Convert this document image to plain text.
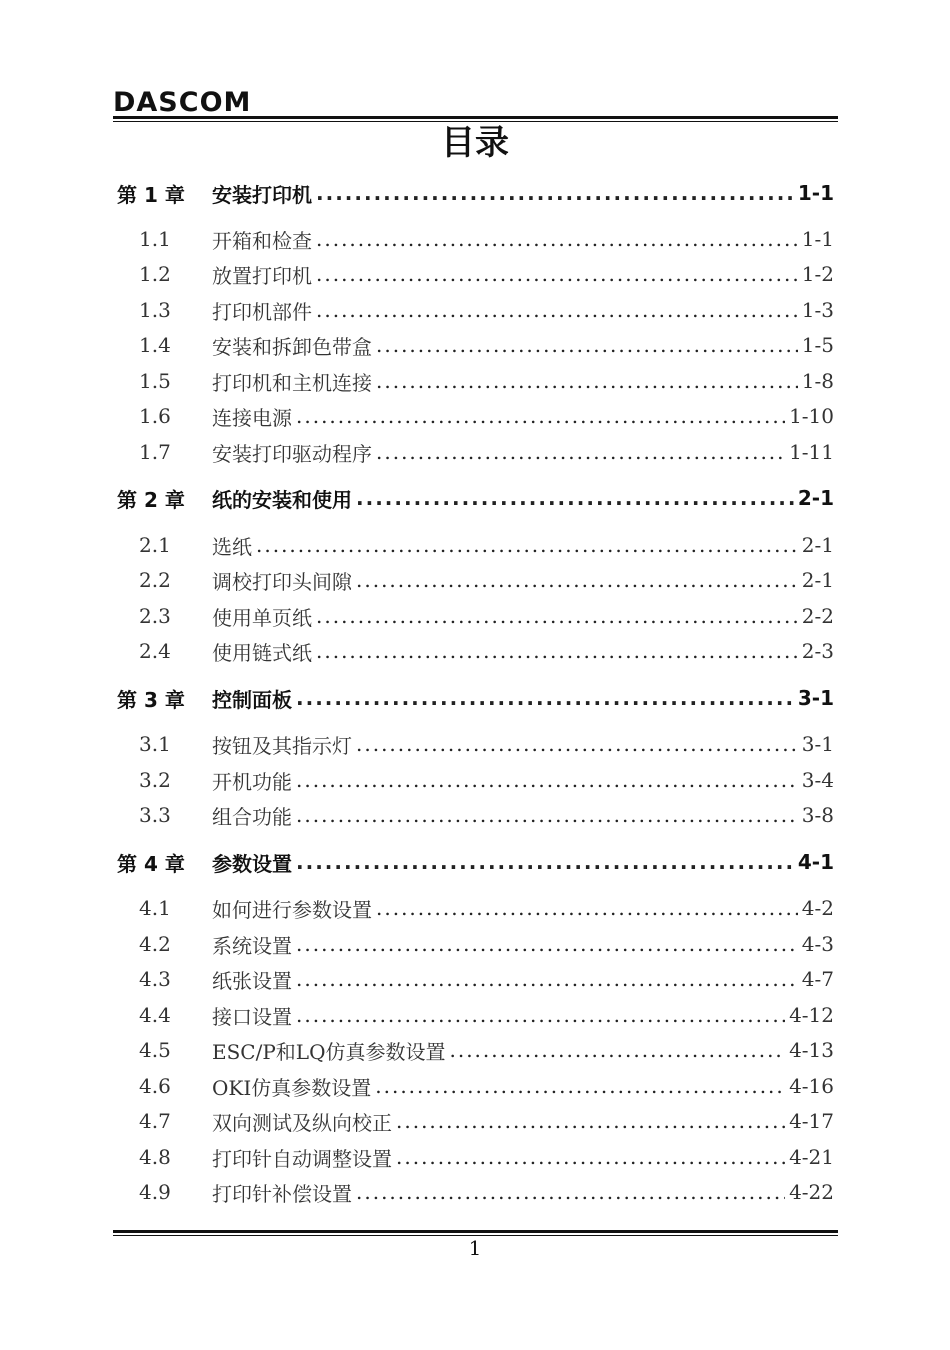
DASCOM
目录
第 1 章	安装打印机 .....	1-1
1.1	开箱和检查 .....	1-1
1.2	放置打印机 .....	1-2
1.3	打印机部件 .....	1-3
1.4	安装和拆卸色带盒 .....	1-5
1.5	打印机和主机连接 .....	1-8
1.6	连接电源 .....	1-10
1.7	安装打印驱动程序 .....	1-11
第 2 章	纸的安装和使用 .....	2-1
2.1	选纸 .....	2-1
2.2	调校打印头间隙 .....	2-1
2.3	使用单页纸 .....	2-2
2.4	使用链式纸 .....	2-3
第 3 章	控制面板 .....	3-1
3.1	按钮及其指示灯 .....	3-1
3.2	开机功能 .....	3-4
3.3	组合功能 .....	3-8
第 4 章	参数设置 .....	4-1
4.1	如何进行参数设置 .....	4-2
4.2	系统设置 .....	4-3
4.3	纸张设置 .....	4-7
4.4	接口设置 .....	4-12
4.5	ESC/P和LQ仿真参数设置 .....	4-13
4.6	OKI仿真参数设置 .....	4-16
4.7	双向测试及纵向校正 .....	4-17
4.8	打印针自动调整设置 .....	4-21
4.9	打印针补偿设置 .....	4-22
1
